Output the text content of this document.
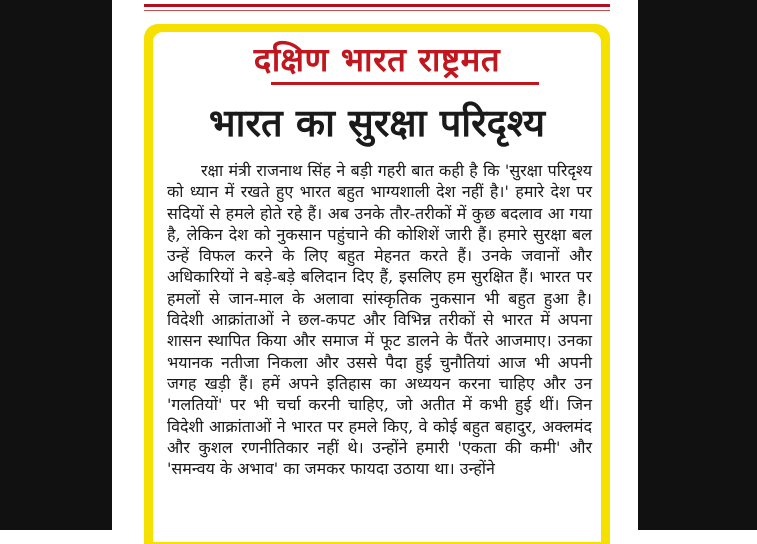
दक्षिण भारत राष्ट्रमत
भारत का सुरक्षा परिदृश्य
रक्षा मंत्री राजनाथ सिंह ने बड़ी गहरी बात कही है कि 'सुरक्षा परिदृश्य को ध्यान में रखते हुए भारत बहुत भाग्यशाली देश नहीं है।' हमारे देश पर सदियों से हमले होते रहे हैं। अब उनके तौर-तरीकों में कुछ बदलाव आ गया है, लेकिन देश को नुकसान पहुंचाने की कोशिशें जारी हैं। हमारे सुरक्षा बल उन्हें विफल करने के लिए बहुत मेहनत करते हैं। उनके जवानों और अधिकारियों ने बड़े-बड़े बलिदान दिए हैं, इसलिए हम सुरक्षित हैं। भारत पर हमलों से जान-माल के अलावा सांस्कृतिक नुकसान भी बहुत हुआ है। विदेशी आक्रांताओं ने छल-कपट और विभिन्न तरीकों से भारत में अपना शासन स्थापित किया और समाज में फूट डालने के पैंतरे आजमाए। उनका भयानक नतीजा निकला और उससे पैदा हुई चुनौतियां आज भी अपनी जगह खड़ी हैं। हमें अपने इतिहास का अध्ययन करना चाहिए और उन 'गलतियों' पर भी चर्चा करनी चाहिए, जो अतीत में कभी हुई थीं। जिन विदेशी आक्रांताओं ने भारत पर हमले किए, वे कोई बहुत बहादुर, अक्लमंद और कुशल रणनीतिकार नहीं थे। उन्होंने हमारी 'एकता की कमी' और 'समन्वय के अभाव' का जमकर फायदा उठाया था। उन्होंने
